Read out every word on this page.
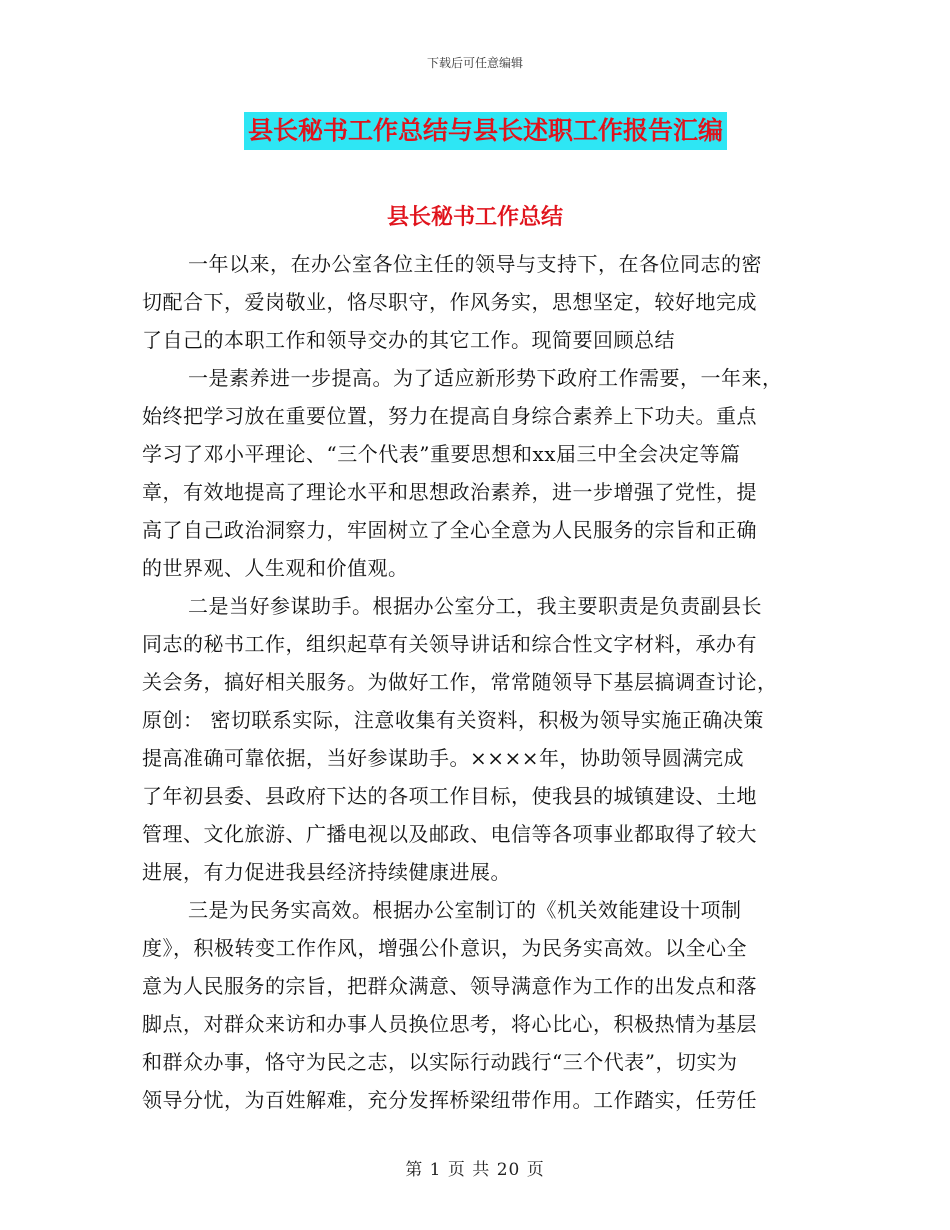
下载后可任意编辑
县长秘书工作总结与县长述职工作报告汇编
县长秘书工作总结
一年以来，在办公室各位主任的领导与支持下，在各位同志的密
切配合下，爱岗敬业，恪尽职守，作风务实，思想坚定，较好地完成
了自己的本职工作和领导交办的其它工作。现简要回顾总结
一是素养进一步提高。为了适应新形势下政府工作需要，一年来，
始终把学习放在重要位置，努力在提高自身综合素养上下功夫。重点
学习了邓小平理论、“三个代表”重要思想和xx届三中全会决定等篇
章，有效地提高了理论水平和思想政治素养，进一步增强了党性，提
高了自己政治洞察力，牢固树立了全心全意为人民服务的宗旨和正确
的世界观、人生观和价值观。
二是当好参谋助手。根据办公室分工，我主要职责是负责副县长
同志的秘书工作，组织起草有关领导讲话和综合性文字材料，承办有
关会务，搞好相关服务。为做好工作，常常随领导下基层搞调查讨论，
原创： 密切联系实际，注意收集有关资料，积极为领导实施正确决策
提高准确可靠依据，当好参谋助手。××××年，协助领导圆满完成
了年初县委、县政府下达的各项工作目标，使我县的城镇建设、土地
管理、文化旅游、广播电视以及邮政、电信等各项事业都取得了较大
进展，有力促进我县经济持续健康进展。
三是为民务实高效。根据办公室制订的《机关效能建设十项制
度》，积极转变工作作风，增强公仆意识，为民务实高效。以全心全
意为人民服务的宗旨，把群众满意、领导满意作为工作的出发点和落
脚点，对群众来访和办事人员换位思考，将心比心，积极热情为基层
和群众办事，恪守为民之志，以实际行动践行“三个代表”，切实为
领导分忧，为百姓解难，充分发挥桥梁纽带作用。工作踏实，任劳任
第 1 页 共 20 页
